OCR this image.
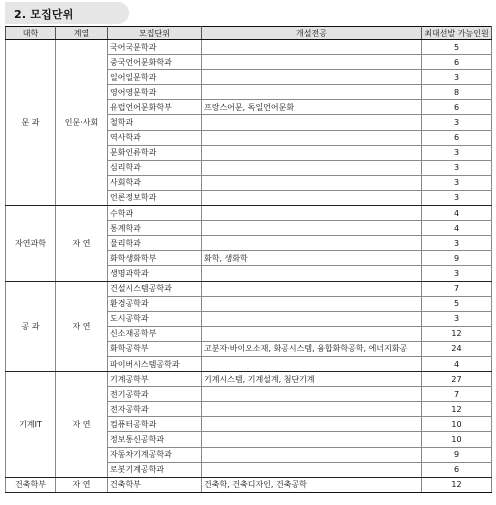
2. 모집단위
대학	계열	모집단위	개설전공	최대선발 가능인원
문 과	인문·사회	국어국문학과		5
		중국언어문화학과		6
		일어일문학과		3
		영어영문학과		8
		유럽언어문화학부	프랑스어문, 독일언어문화	6
		철학과		3
		역사학과		6
		문화인류학과		3
		심리학과		3
		사회학과		3
		언론정보학과		3
자연과학	자 연	수학과		4
		통계학과		4
		물리학과		3
		화학생화학부	화학, 생화학	9
		생명과학과		3
공 과	자 연	건설시스템공학과		7
		환경공학과		5
		도시공학과		3
		신소재공학부		12
		화학공학부	고분자·바이오소재, 화공시스템, 융합화학공학, 에너지화공	24
		파이버시스템공학과		4
기계IT	자 연	기계공학부	기계시스템, 기계설계, 첨단기계	27
		전기공학과		7
		전자공학과		12
		컴퓨터공학과		10
		정보통신공학과		10
		자동차기계공학과		9
		로봇기계공학과		6
건축학부	자 연	건축학부	건축학, 건축디자인, 건축공학	12
